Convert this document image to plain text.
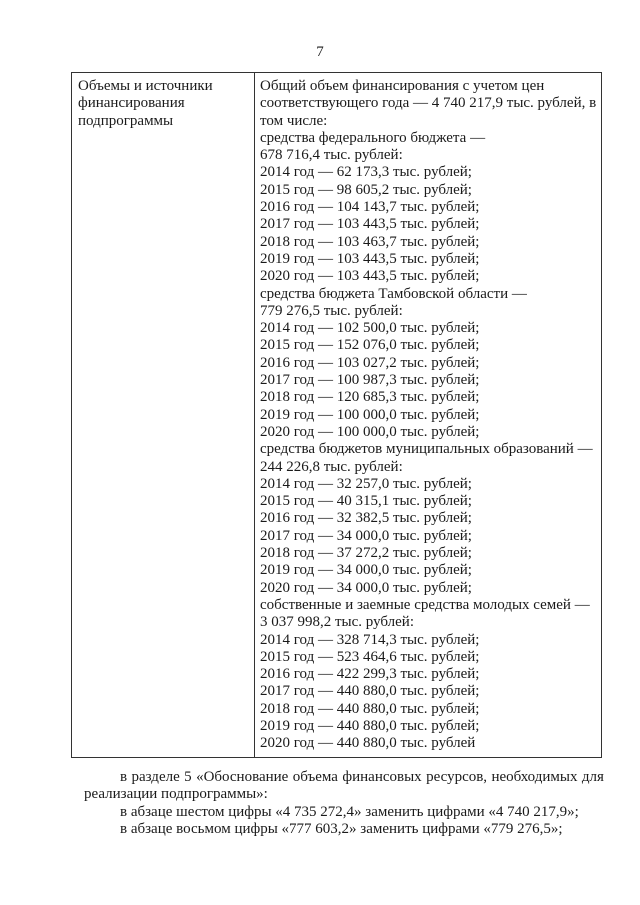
7
Объемы и источники
финансирования
подпрограммы
Общий объем финансирования с учетом цен
соответствующего года — 4 740 217,9 тыс. рублей, в
том числе:
средства федерального бюджета —
678 716,4 тыс. рублей:
2014 год — 62 173,3 тыс. рублей;
2015 год — 98 605,2 тыс. рублей;
2016 год — 104 143,7 тыс. рублей;
2017 год — 103 443,5 тыс. рублей;
2018 год — 103 463,7 тыс. рублей;
2019 год — 103 443,5 тыс. рублей;
2020 год — 103 443,5 тыс. рублей;
средства бюджета Тамбовской области —
779 276,5 тыс. рублей:
2014 год — 102 500,0 тыс. рублей;
2015 год — 152 076,0 тыс. рублей;
2016 год — 103 027,2 тыс. рублей;
2017 год — 100 987,3 тыс. рублей;
2018 год — 120 685,3 тыс. рублей;
2019 год — 100 000,0 тыс. рублей;
2020 год — 100 000,0 тыс. рублей;
средства бюджетов муниципальных образований —
244 226,8 тыс. рублей:
2014 год — 32 257,0 тыс. рублей;
2015 год — 40 315,1 тыс. рублей;
2016 год — 32 382,5 тыс. рублей;
2017 год — 34 000,0 тыс. рублей;
2018 год — 37 272,2 тыс. рублей;
2019 год — 34 000,0 тыс. рублей;
2020 год — 34 000,0 тыс. рублей;
собственные и заемные средства молодых семей —
3 037 998,2 тыс. рублей:
2014 год — 328 714,3 тыс. рублей;
2015 год — 523 464,6 тыс. рублей;
2016 год — 422 299,3 тыс. рублей;
2017 год — 440 880,0 тыс. рублей;
2018 год — 440 880,0 тыс. рублей;
2019 год — 440 880,0 тыс. рублей;
2020 год — 440 880,0 тыс. рублей
в разделе 5 «Обоснование объема финансовых ресурсов, необходимых для
реализации подпрограммы»:
в абзаце шестом цифры «4 735 272,4» заменить цифрами «4 740 217,9»;
в абзаце восьмом цифры «777 603,2» заменить цифрами «779 276,5»;
